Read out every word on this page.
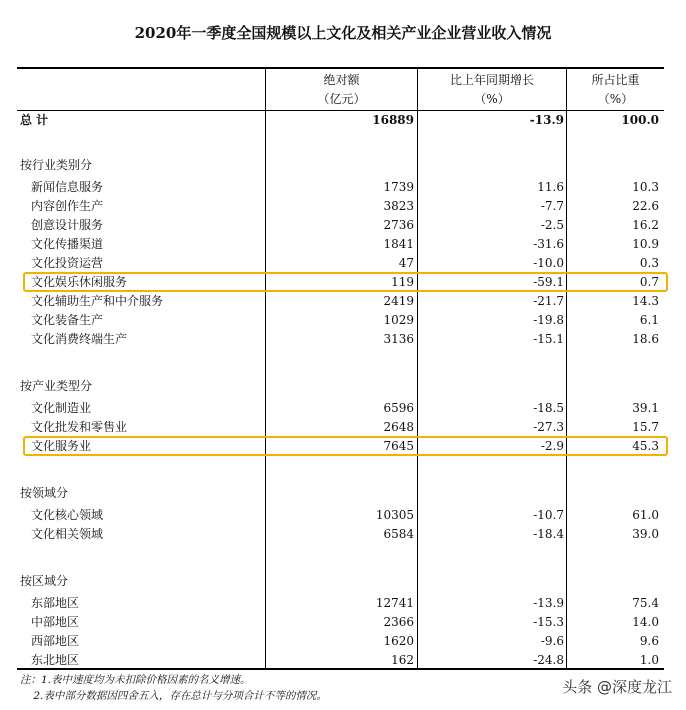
2020年一季度全国规模以上文化及相关产业企业营业收入情况
绝对额
（亿元）
比上年同期增长
（%）
所占比重
（%）
总 计	16889	-13.9	100.0
按行业类别分
新闻信息服务	1739	11.6	10.3
内容创作生产	3823	-7.7	22.6
创意设计服务	2736	-2.5	16.2
文化传播渠道	1841	-31.6	10.9
文化投资运营	47	-10.0	0.3
文化娱乐休闲服务	119	-59.1	0.7
文化辅助生产和中介服务	2419	-21.7	14.3
文化装备生产	1029	-19.8	6.1
文化消费终端生产	3136	-15.1	18.6
按产业类型分
文化制造业	6596	-18.5	39.1
文化批发和零售业	2648	-27.3	15.7
文化服务业	7645	-2.9	45.3
按领域分
文化核心领域	10305	-10.7	61.0
文化相关领域	6584	-18.4	39.0
按区域分
东部地区	12741	-13.9	75.4
中部地区	2366	-15.3	14.0
西部地区	1620	-9.6	9.6
东北地区	162	-24.8	1.0
注：1.表中速度均为未扣除价格因素的名义增速。
2.表中部分数据因四舍五入，存在总计与分项合计不等的情况。	头条 @深度龙江
